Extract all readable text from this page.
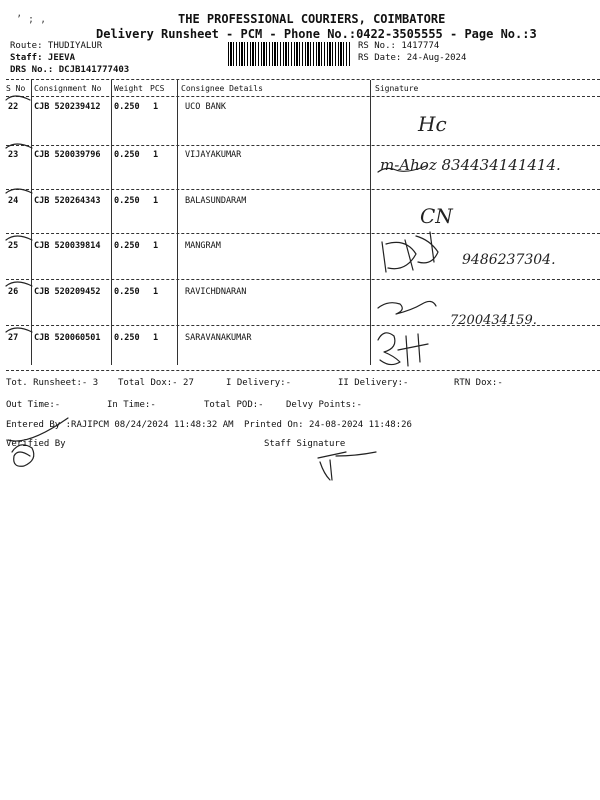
ʼ ; ,	THE PROFESSIONAL COURIERS, COIMBATORE
Delivery Runsheet - PCM - Phone No.:0422-3505555 - Page No.:3
Route: THUDIYALUR
Staff: JEEVA
DRS No.: DCJB141777403
RS No.: 1417774
RS Date: 24-Aug-2024
S No Consignment No Weight PCS Consignee Details	Signature
22 CJB 520239412 0.250 1	UCO BANK
Hc
23 CJB 520039796 0.250 1	VIJAYAKUMAR
m-Ahoz 834434141414.
24 CJB 520264343 0.250 1	BALASUNDARAM
CN
25 CJB 520039814 0.250 1	MANGRAM
9486237304.
26 CJB 520209452 0.250 1	RAVICHDNARAN
7200434159.
27 CJB 520060501 0.250 1	SARAVANAKUMAR
Tot. Runsheet:- 3 Total Dox:- 27	I Delivery:-	II Delivery:-	RTN Dox:-
Out Time:-	In Time:-	Total POD:- Delvy Points:-
Entered By :RAJIPCM 08/24/2024 11:48:32 AM Printed On: 24-08-2024 11:48:26
Verified By	Staff Signature
